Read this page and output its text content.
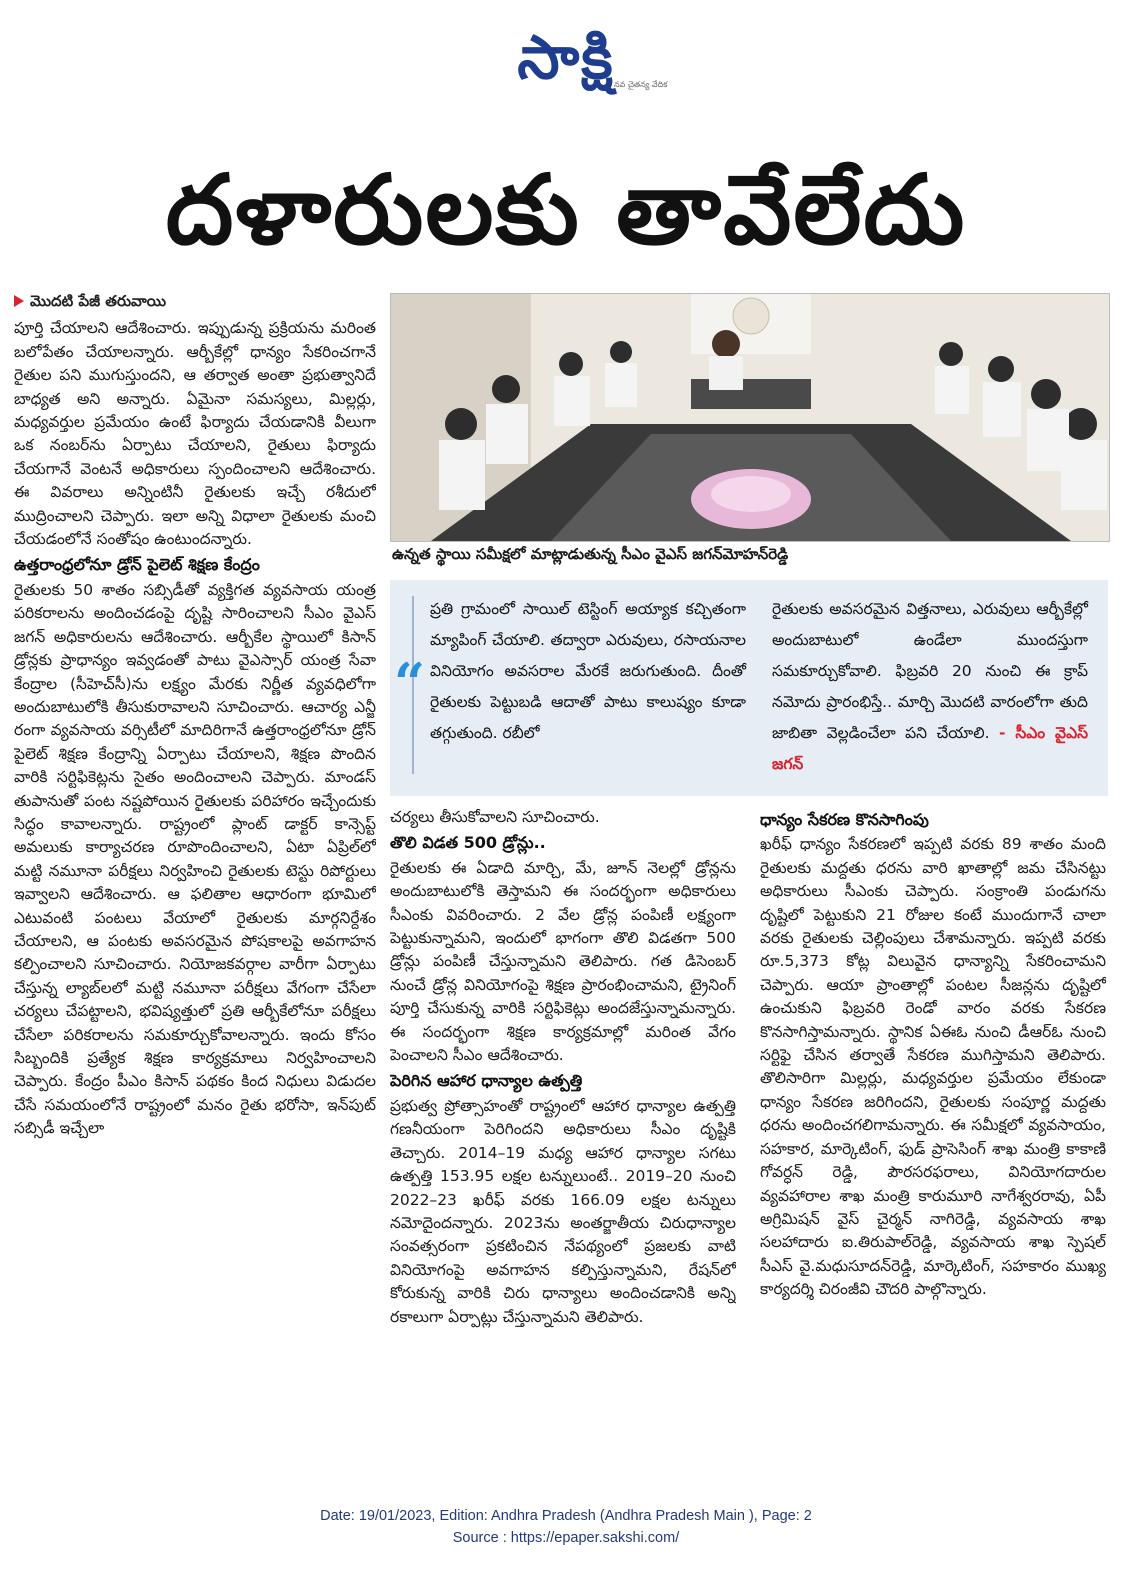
సాక్షి నవ చైతన్య వేదిక
దళారులకు తావేలేదు
మొదటి పేజీ తరువాయి

పూర్తి చేయాలని ఆదేశించారు. ఇప్పుడున్న ప్రక్రియను మరింత బలోపేతం చేయాలన్నారు. ఆర్బీకేల్లో ధాన్యం సేకరించగానే రైతుల పని ముగుస్తుందని, ఆ తర్వాత అంతా ప్రభుత్వానిదే బాధ్యత అని అన్నారు. ఏమైనా సమస్యలు, మిల్లర్లు, మధ్యవర్తుల ప్రమేయం ఉంటే ఫిర్యాదు చేయడానికి వీలుగా ఒక నంబర్‌ను ఏర్పాటు చేయాలని, రైతులు ఫిర్యాదు చేయగానే వెంటనే అధికారులు స్పందించాలని ఆదేశించారు. ఈ వివరాలు అన్నింటినీ రైతులకు ఇచ్చే రశీదులో ముద్రించాలని చెప్పారు. ఇలా అన్ని విధాలా రైతులకు మంచి చేయడంలోనే సంతోషం ఉంటుందన్నారు.

ఉత్తరాంధ్రలోనూ డ్రోన్‌ పైలెట్‌ శిక్షణ కేంద్రం

రైతులకు 50 శాతం సబ్సిడీతో వ్యక్తిగత వ్యవసాయ యంత్ర పరికరాలను అందించడంపై దృష్టి సారించాలని సీఎం వైఎస్‌ జగన్‌ అధికారులను ఆదేశించారు. ఆర్బీకేల స్థాయిలో కిసాన్‌ డ్రోన్లకు ప్రాధాన్యం ఇవ్వడంతో పాటు వైఎస్సార్‌ యంత్ర సేవా కేంద్రాల (సీహెచ్‌సీ)ను లక్ష్యం మేరకు నిర్ణీత వ్యవధిలోగా అందుబాటులోకి తీసుకురావాలని సూచించారు. ఆచార్య ఎన్జీ రంగా వ్యవసాయ వర్సిటీలో మాదిరిగానే ఉత్తరాంధ్రలోనూ డ్రోన్‌ పైలెట్‌ శిక్షణ కేంద్రాన్ని ఏర్పాటు చేయాలని, శిక్షణ పొందిన వారికి సర్టిఫికెట్లను సైతం అందించాలని చెప్పారు. మాండస్‌ తుపానుతో పంట నష్టపోయిన రైతులకు పరిహారం ఇచ్చేందుకు సిద్ధం కావాలన్నారు. రాష్ట్రంలో ప్లాంట్‌ డాక్టర్‌ కాన్సెప్ట్‌ అమలుకు కార్యాచరణ రూపొందించాలని, ఏటా ఏప్రిల్‌లో మట్టి నమూనా పరీక్షలు నిర్వహించి రైతులకు టెస్టు రిపోర్టులు ఇవ్వాలని ఆదేశించారు. ఆ ఫలితాల ఆధారంగా భూమిలో ఎటువంటి పంటలు వేయాలో రైతులకు మార్గనిర్దేశం చేయాలని, ఆ పంటకు అవసరమైన పోషకాలపై అవగాహన కల్పించాలని సూచించారు. నియోజకవర్గాల వారీగా ఏర్పాటు చేస్తున్న ల్యాబ్‌లలో మట్టి నమూనా పరీక్షలు వేగంగా చేసేలా చర్యలు చేపట్టాలని, భవిష్యత్తులో ప్రతి ఆర్బీకేలోనూ పరీక్షలు చేసేలా పరికరాలను సమకూర్చుకోవాలన్నారు. ఇందు కోసం సిబ్బందికి ప్రత్యేక శిక్షణ కార్యక్రమాలు నిర్వహించాలని చెప్పారు. కేంద్రం పీఎం కిసాన్‌ పథకం కింద నిధులు విడుదల చేసే సమయంలోనే రాష్ట్రంలో మనం రైతు భరోసా, ఇన్‌పుట్‌ సబ్సిడీ ఇచ్చేలా

ఉన్నత స్థాయి సమీక్షలో మాట్లాడుతున్న సీఎం వైఎస్‌ జగన్‌మోహన్‌రెడ్డి
“
ప్రతి గ్రామంలో సాయిల్‌ టెస్టింగ్‌ అయ్యాక కచ్చితంగా మ్యాపింగ్‌ చేయాలి. తద్వారా ఎరువులు, రసాయనాల వినియోగం అవసరాల మేరకే జరుగుతుంది. దీంతో రైతులకు పెట్టుబడి ఆదాతో పాటు కాలుష్యం కూడా తగ్గుతుంది. రబీలో
రైతులకు అవసరమైన విత్తనాలు, ఎరువులు ఆర్బీకేల్లో అందుబాటులో ఉండేలా ముందస్తుగా సమకూర్చుకోవాలి. ఫిబ్రవరి 20 నుంచి ఈ క్రాప్‌ నమోదు ప్రారంభిస్తే.. మార్చి మొదటి వారంలోగా తుది జాబితా వెల్లడించేలా పని చేయాలి. - సీఎం వైఎస్‌ జగన్‌

చర్యలు తీసుకోవాలని సూచించారు.

తొలి విడత 500 డ్రోన్లు..

రైతులకు ఈ ఏడాది మార్చి, మే, జూన్‌ నెలల్లో డ్రోన్లను అందుబాటులోకి తెస్తామని ఈ సందర్భంగా అధికారులు సీఎంకు వివరించారు. 2 వేల డ్రోన్ల పంపిణీ లక్ష్యంగా పెట్టుకున్నామని, ఇందులో భాగంగా తొలి విడతగా 500 డ్రోన్లు పంపిణీ చేస్తున్నామని తెలిపారు. గత డిసెంబర్‌ నుంచే డ్రోన్ల వినియోగంపై శిక్షణ ప్రారంభించామని, ట్రైనింగ్‌ పూర్తి చేసుకున్న వారికి సర్టిఫికెట్లు అందజేస్తున్నామన్నారు. ఈ సందర్భంగా శిక్షణ కార్యక్రమాల్లో మరింత వేగం పెంచాలని సీఎం ఆదేశించారు.

పెరిగిన ఆహార ధాన్యాల ఉత్పత్తి

ప్రభుత్వ ప్రోత్సాహంతో రాష్ట్రంలో ఆహార ధాన్యాల ఉత్పత్తి గణనీయంగా పెరిగిందని అధికారులు సీఎం దృష్టికి తెచ్చారు. 2014–19 మధ్య ఆహార ధాన్యాల సగటు ఉత్పత్తి 153.95 లక్షల టన్నులుంటే.. 2019–20 నుంచి 2022–23 ఖరీఫ్‌ వరకు 166.09 లక్షల టన్నులు నమోదైందన్నారు. 2023ను అంతర్జాతీయ చిరుధాన్యాల సంవత్సరంగా ప్రకటించిన నేపథ్యంలో ప్రజలకు వాటి వినియోగంపై అవగాహన కల్పిస్తున్నామని, రేషన్‌లో కోరుకున్న వారికి చిరు ధాన్యాలు అందించడానికి అన్ని రకాలుగా ఏర్పాట్లు చేస్తున్నామని తెలిపారు.

ధాన్యం సేకరణ కొనసాగింపు

ఖరీఫ్‌ ధాన్యం సేకరణలో ఇప్పటి వరకు 89 శాతం మంది రైతులకు మద్దతు ధరను వారి ఖాతాల్లో జమ చేసినట్టు అధికారులు సీఎంకు చెప్పారు. సంక్రాంతి పండుగను దృష్టిలో పెట్టుకుని 21 రోజుల కంటే ముందుగానే చాలా వరకు రైతులకు చెల్లింపులు చేశామన్నారు. ఇప్పటి వరకు రూ.5,373 కోట్ల విలువైన ధాన్యాన్ని సేకరించామని చెప్పారు. ఆయా ప్రాంతాల్లో పంటల సీజన్లను దృష్టిలో ఉంచుకుని ఫిబ్రవరి రెండో వారం వరకు సేకరణ కొనసాగిస్తామన్నారు. స్థానిక ఏఈఓ నుంచి డీఆర్‌ఓ నుంచి సర్టిఫై చేసిన తర్వాతే సేకరణ ముగిస్తామని తెలిపారు. తొలిసారిగా మిల్లర్లు, మధ్యవర్తుల ప్రమేయం లేకుండా ధాన్యం సేకరణ జరిగిందని, రైతులకు సంపూర్ణ మద్దతు ధరను అందించగలిగామన్నారు. ఈ సమీక్షలో వ్యవసాయం, సహకార, మార్కెటింగ్, ఫుడ్‌ ప్రాసెసింగ్‌ శాఖ మంత్రి కాకాణి గోవర్ధన్‌ రెడ్డి, పౌరసరఫరాలు, వినియోగదారుల వ్యవహారాల శాఖ మంత్రి కారుమూరి నాగేశ్వరరావు, ఏపీ అగ్రిమిషన్‌ వైస్‌ చైర్మన్‌ నాగిరెడ్డి, వ్యవసాయ శాఖ సలహాదారు ఐ.తిరుపాల్‌రెడ్డి, వ్యవసాయ శాఖ స్పెషల్‌ సీఎస్‌ వై.మధుసూదన్‌రెడ్డి, మార్కెటింగ్, సహకారం ముఖ్య కార్యదర్శి చిరంజీవి చౌదరి పాల్గొన్నారు.

Date: 19/01/2023, Edition: Andhra Pradesh (Andhra Pradesh Main ), Page: 2
Source : https://epaper.sakshi.com/
